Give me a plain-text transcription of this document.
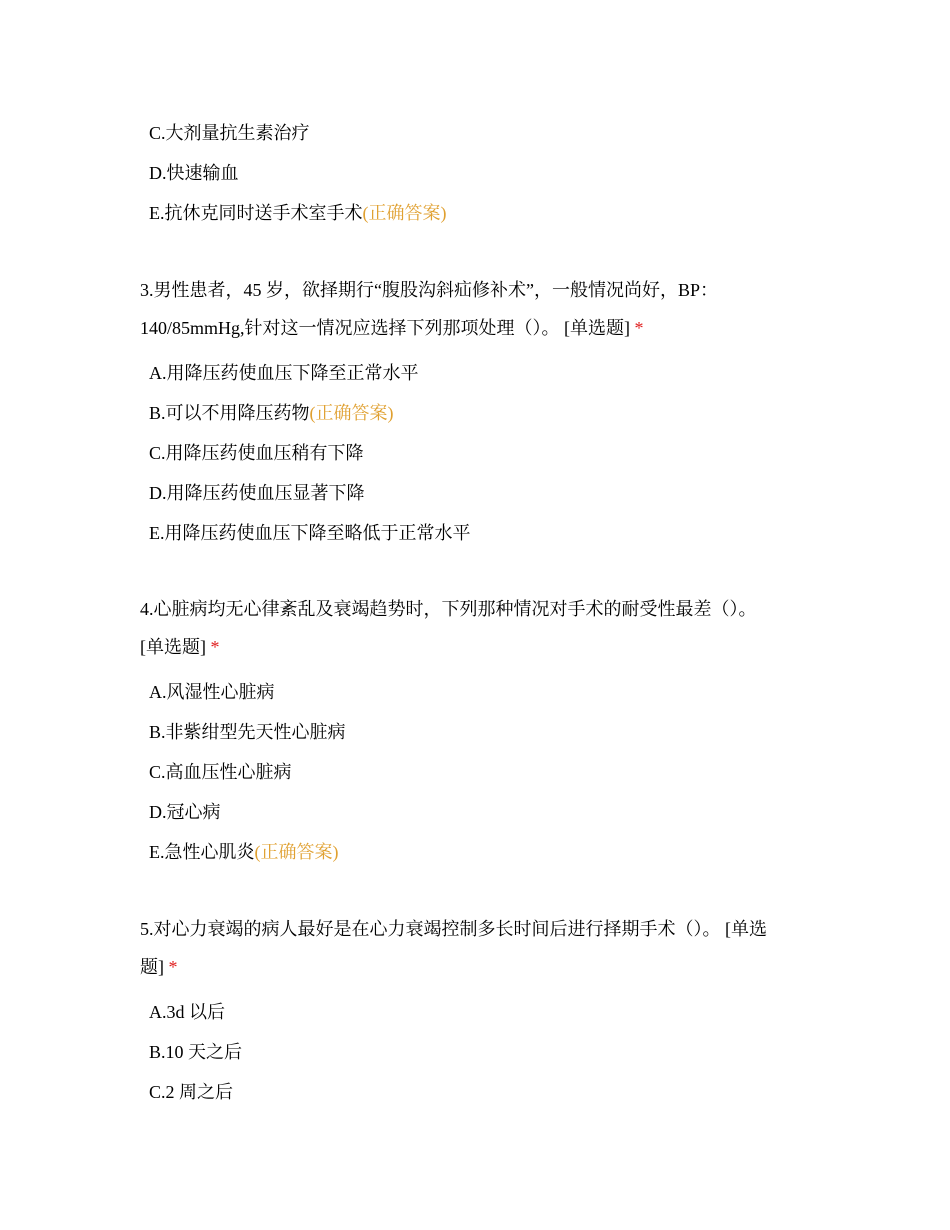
C.大剂量抗生素治疗
D.快速输血
E.抗休克同时送手术室手术(正确答案)
3.男性患者，45 岁，欲择期行“腹股沟斜疝修补术”，一般情况尚好，BP：
140/85mmHg,针对这一情况应选择下列那项处理（）。 [单选题] *
A.用降压药使血压下降至正常水平
B.可以不用降压药物(正确答案)
C.用降压药使血压稍有下降
D.用降压药使血压显著下降
E.用降压药使血压下降至略低于正常水平
4.心脏病均无心律紊乱及衰竭趋势时，下列那种情况对手术的耐受性最差（）。
[单选题] *
A.风湿性心脏病
B.非紫绀型先天性心脏病
C.高血压性心脏病
D.冠心病
E.急性心肌炎(正确答案)
5.对心力衰竭的病人最好是在心力衰竭控制多长时间后进行择期手术（）。 [单选
题] *
A.3d 以后
B.10 天之后
C.2 周之后
